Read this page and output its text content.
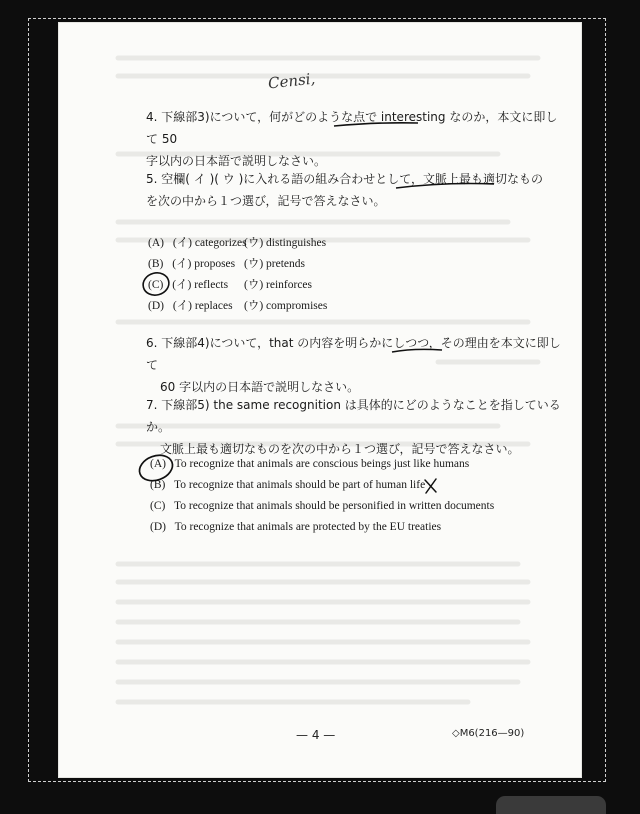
Censi,
4. 下線部3)について，何がどのような点で interesting なのか，本文に即して 50
字以内の日本語で説明しなさい。
5. 空欄( イ )( ウ )に入れる語の組み合わせとして，文脈上最も適切なもの
を次の中から１つ選び，記号で答えなさい。
(A) (イ) categorizes
(ウ) distinguishes
(B) (イ) proposes (ウ) pretends
(C) (イ) reflects (ウ) reinforces
(D) (イ) replaces (ウ) compromises
6. 下線部4)について，that の内容を明らかにしつつ，その理由を本文に即して
60 字以内の日本語で説明しなさい。
7. 下線部5) the same recognition は具体的にどのようなことを指しているか。
文脈上最も適切なものを次の中から１つ選び，記号で答えなさい。
(A) To recognize that animals are conscious beings just like humans
(B) To recognize that animals should be part of human life
(C) To recognize that animals should be personified in written documents
(D) To recognize that animals are protected by the EU treaties
— 4 —	◇M6(216—90)
